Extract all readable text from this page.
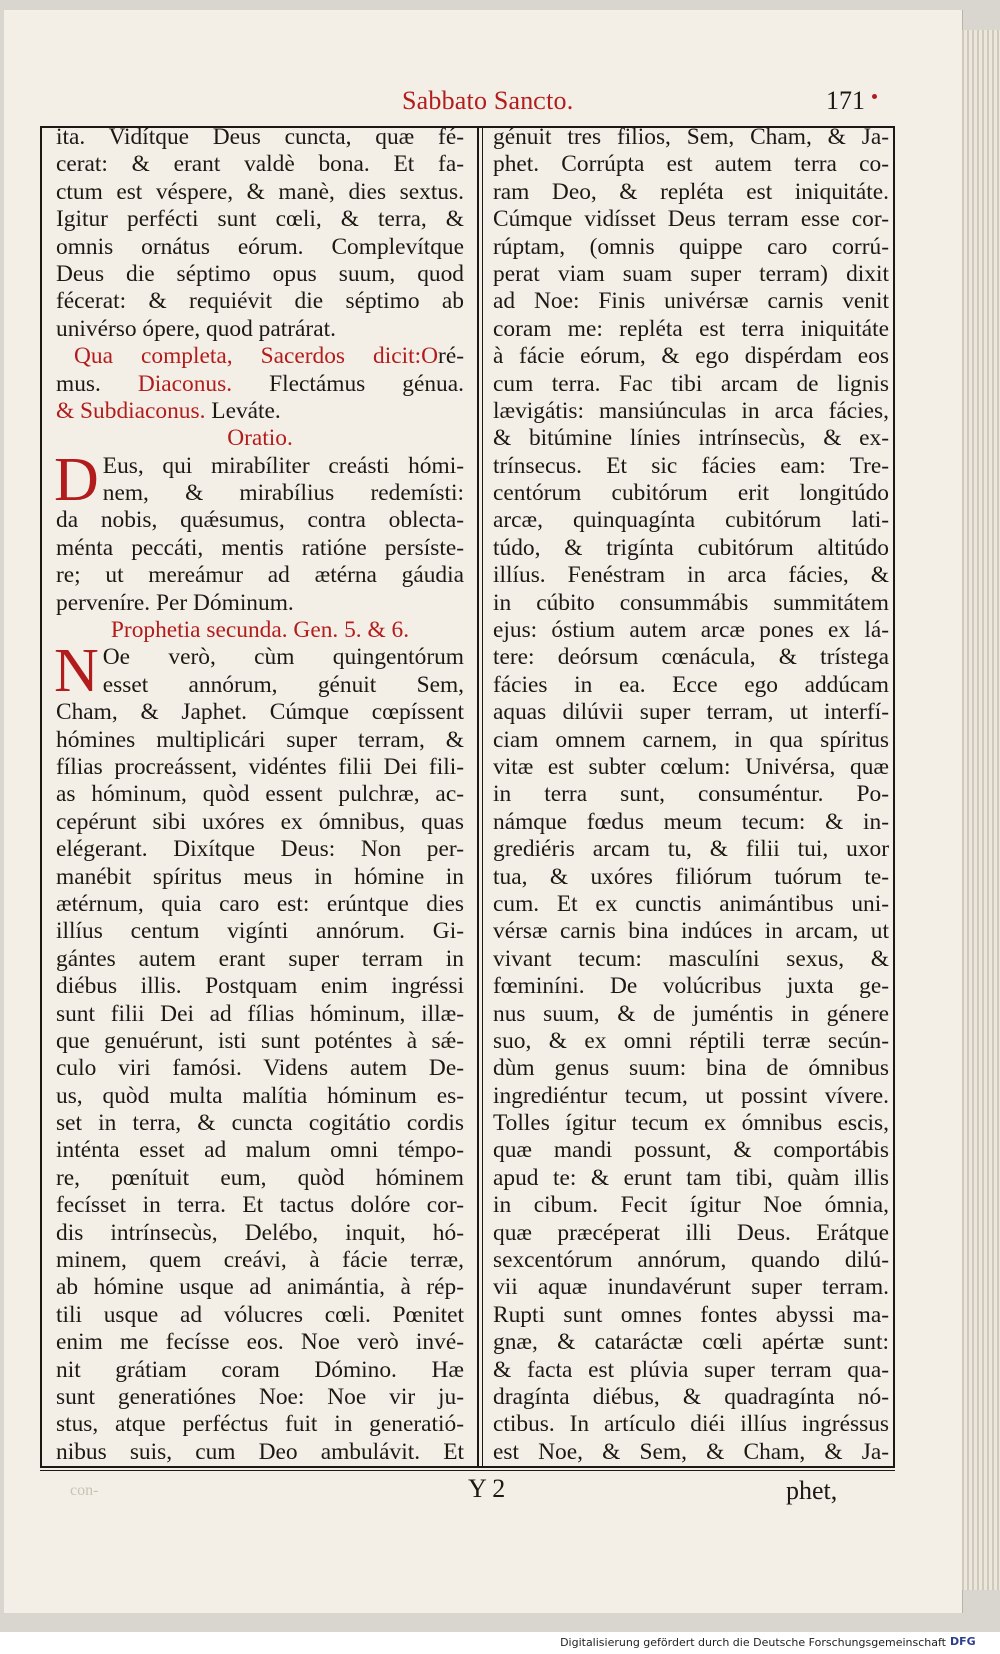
Sabbato Sanᴄto.	171
ita. Vidítque Deus cuncta, quæ fé-
cerat: & erant valdè bona. Et fa-
ctum est véspere, & manè, dies sextus.
Igitur perfécti sunt cœli, & terra, &
omnis ornátus eórum. Complevítque
Deus die séptimo opus suum, quod
fécerat: & requiévit die séptimo ab
univérso ópere, quod patrárat.
Qua completa, Sacerdos dicit:Oré-
mus. Diaconus. Flectámus génua.
& Subdiaconus. Leváte.
Oratio.
D Eus, qui mirabíliter creásti hómi-
nem, & mirabílius redemísti:
da nobis, quǽsumus, contra oblecta-
ménta peccáti, mentis ratióne persíste-
re; ut mereámur ad ætérna gáudia
perveníre. Per Dóminum.
Prophetia secunda. Gen. 5. & 6.
N Oe verò, cùm quingentórum
esset annórum, génuit Sem,
Cham, & Japhet. Cúmque cœpíssent
hómines multiplicári super terram, &
fílias procreássent, vidéntes filii Dei fili-
as hóminum, quòd essent pulchræ, ac-
cepérunt sibi uxóres ex ómnibus, quas
elégerant. Dixítque Deus: Non per-
manébit spíritus meus in hómine in
ætérnum, quia caro est: erúntque dies
illíus centum vigínti annórum. Gi-
gántes autem erant super terram in
diébus illis. Postquam enim ingréssi
sunt filii Dei ad fílias hóminum, illæ-
que genuérunt, isti sunt poténtes à sǽ-
culo viri famósi. Videns autem De-
us, quòd multa malítia hóminum es-
set in terra, & cuncta cogitátio cordis
inténta esset ad malum omni témpo-
re, pœnítuit eum, quòd hóminem
fecísset in terra. Et tactus dolóre cor-
dis intrínsecùs, Delébo, inquit, hó-
minem, quem creávi, à fácie terræ,
ab hómine usque ad animántia, à rép-
tili usque ad vólucres cœli. Pœnitet
enim me fecísse eos. Noe verò invé-
nit grátiam coram Dómino. Hæ
sunt generatiónes Noe: Noe vir ju-
stus, atque perféctus fuit in generatió-
nibus suis, cum Deo ambulávit. Et
génuit tres filios, Sem, Cham, & Ja-
phet. Corrúpta est autem terra co-
ram Deo, & repléta est iniquitáte.
Cúmque vidísset Deus terram esse cor-
rúptam, (omnis quippe caro corrú-
perat viam suam super terram) dixit
ad Noe: Finis univérsæ carnis venit
coram me: repléta est terra iniquitáte
à fácie eórum, & ego dispérdam eos
cum terra. Fac tibi arcam de lignis
lævigátis: mansiúnculas in arca fácies,
& bitúmine línies intrínsecùs, & ex-
trínsecus. Et sic fácies eam: Tre-
centórum cubitórum erit longitúdo
arcæ, quinquagínta cubitórum lati-
túdo, & trigínta cubitórum altitúdo
illíus. Fenéstram in arca fácies, &
in cúbito consummábis summitátem
ejus: óstium autem arcæ pones ex lá-
tere: deórsum cœnácula, & trístega
fácies in ea. Ecce ego addúcam
aquas dilúvii super terram, ut interfí-
ciam omnem carnem, in qua spíritus
vitæ est subter cœlum: Univérsa, quæ
in terra sunt, consuméntur. Po-
námque fœdus meum tecum: & in-
grediéris arcam tu, & filii tui, uxor
tua, & uxóres filiórum tuórum te-
cum. Et ex cunctis animántibus uni-
vérsæ carnis bina indúces in arcam, ut
vivant tecum: masculíni sexus, &
fœminíni. De volúcribus juxta ge-
nus suum, & de juméntis in génere
suo, & ex omni réptili terræ secún-
dùm genus suum: bina de ómnibus
ingrediéntur tecum, ut possint vívere.
Tolles ígitur tecum ex ómnibus escis,
quæ mandi possunt, & comportábis
apud te: & erunt tam tibi, quàm illis
in cibum. Fecit ígitur Noe ómnia,
quæ præcéperat illi Deus. Erátque
sexcentórum annórum, quando dilú-
vii aquæ inundavérunt super terram.
Rupti sunt omnes fontes abyssi ma-
gnæ, & cataráctæ cœli apértæ sunt:
& facta est plúvia super terram qua-
dragínta diébus, & quadragínta nó-
ctibus. In artículo diéi illíus ingréssus
est Noe, & Sem, & Cham, & Ja-
con-	Y 2	phet,
Digitalisierung gefördert durch die Deutsche Forschungsgemeinschaft DFG
